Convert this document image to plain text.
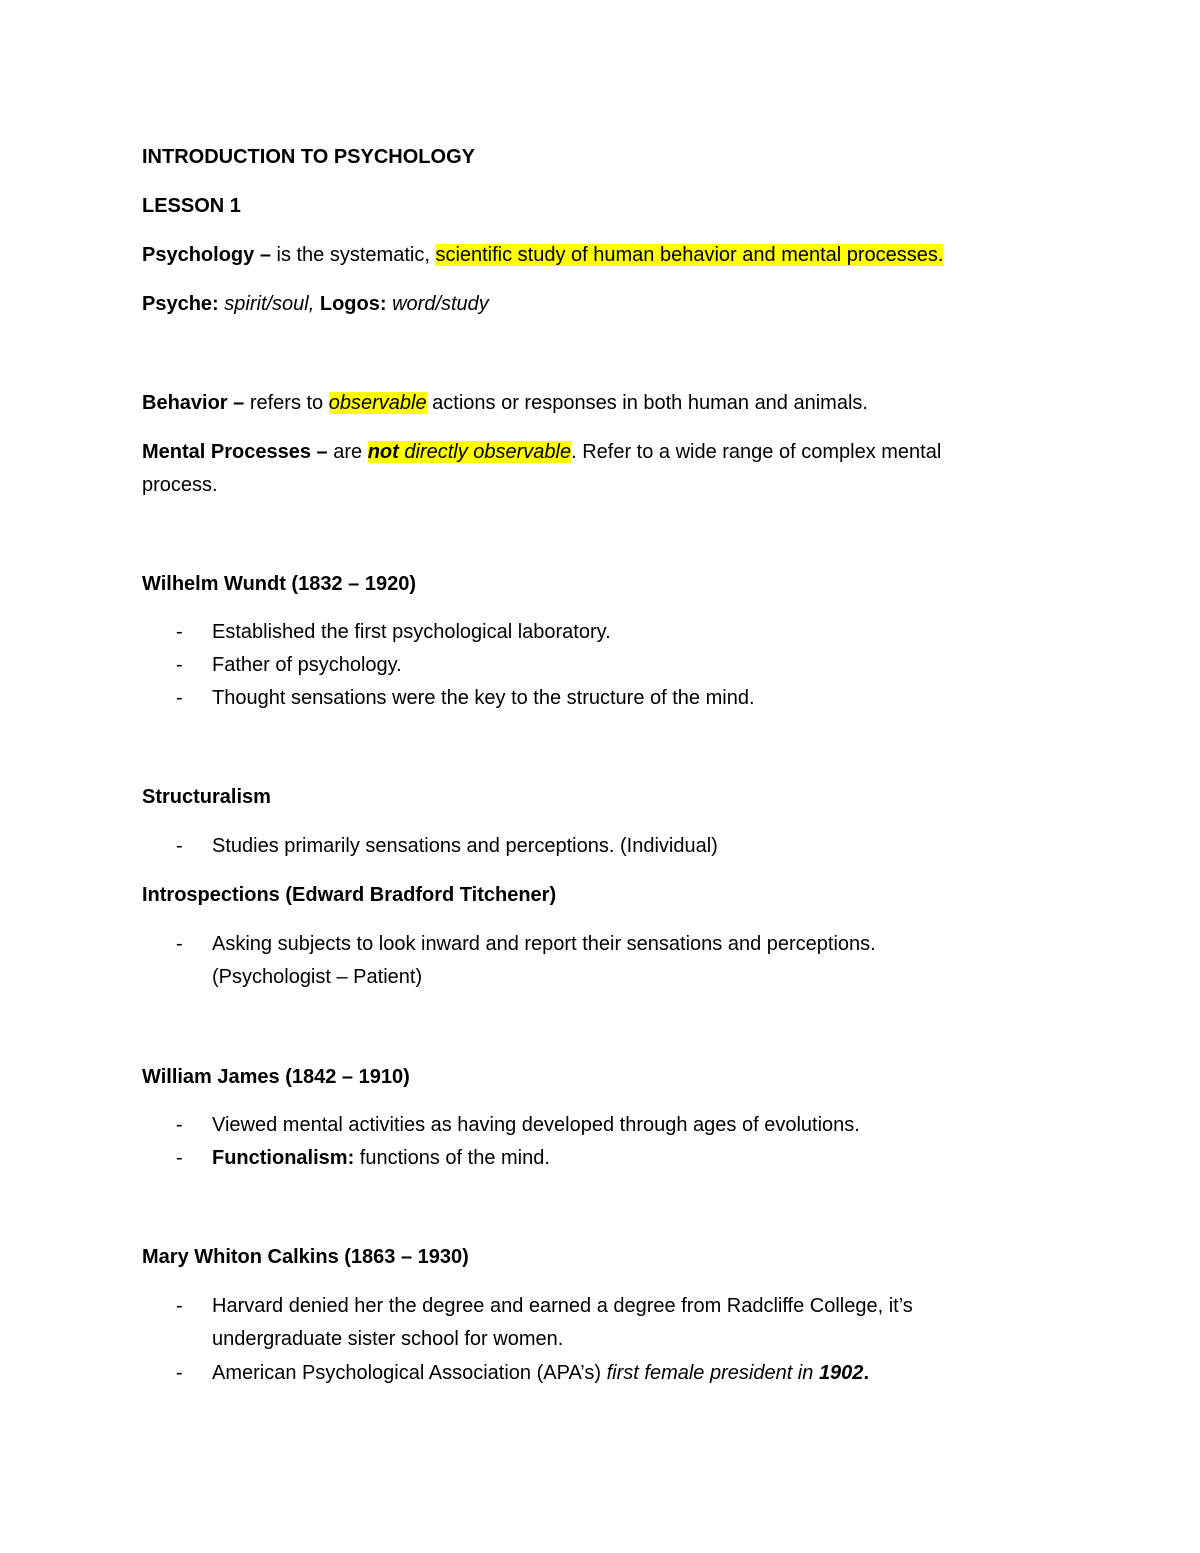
INTRODUCTION TO PSYCHOLOGY
LESSON 1
Psychology – is the systematic, scientific study of human behavior and mental processes.
Psyche: spirit/soul, Logos: word/study
Behavior – refers to observable actions or responses in both human and animals.
Mental Processes – are not directly observable. Refer to a wide range of complex mental
process.
Wilhelm Wundt (1832 – 1920)
- Established the first psychological laboratory.
- Father of psychology.
- Thought sensations were the key to the structure of the mind.
Structuralism
- Studies primarily sensations and perceptions. (Individual)
Introspections (Edward Bradford Titchener)
- Asking subjects to look inward and report their sensations and perceptions.
(Psychologist – Patient)
William James (1842 – 1910)
- Viewed mental activities as having developed through ages of evolutions.
- Functionalism: functions of the mind.
Mary Whiton Calkins (1863 – 1930)
- Harvard denied her the degree and earned a degree from Radcliffe College, it’s
undergraduate sister school for women.
- American Psychological Association (APA’s) first female president in 1902.
